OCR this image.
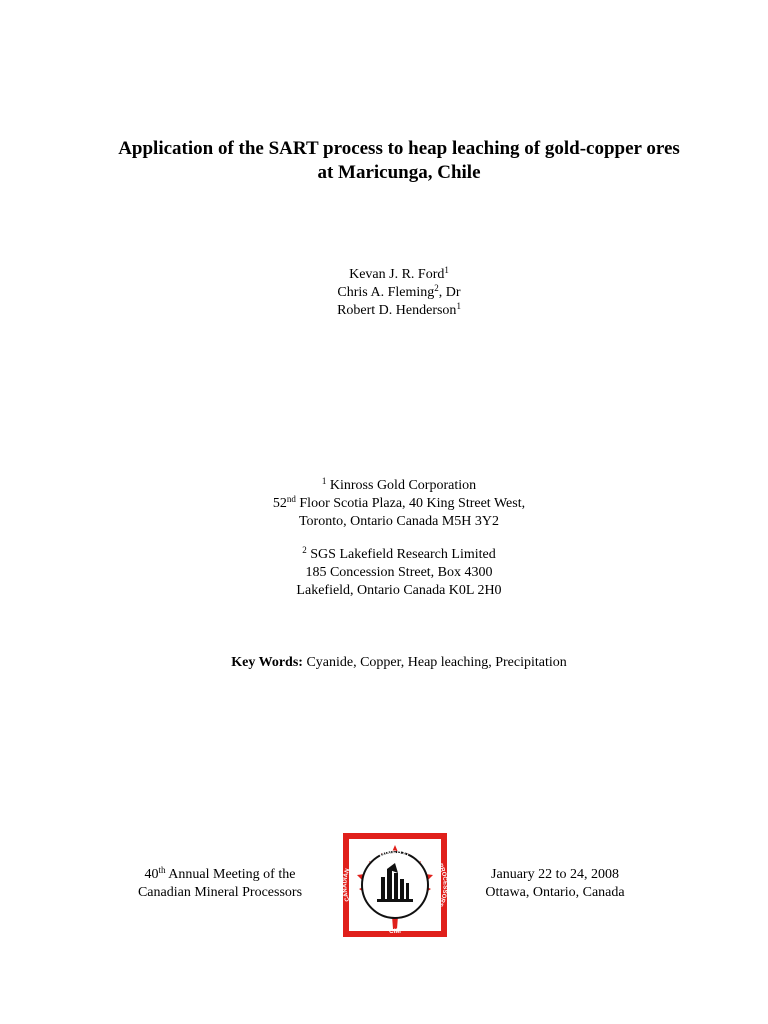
Application of the SART process to heap leaching of gold-copper ores
at Maricunga, Chile
Kevan J. R. Ford$^1$
Chris A. Fleming$^2$, Dr
Robert D. Henderson$^1$
$^1$ Kinross Gold Corporation
52nd Floor Scotia Plaza, 40 King Street West,
Toronto, Ontario Canada M5H 3Y2
$^2$ SGS Lakefield Research Limited
185 Concession Street, Box 4300
Lakefield, Ontario Canada K0L 2H0
Key Words: Cyanide, Copper, Heap leaching, Precipitation
40th Annual Meeting of the
Canadian Mineral Processors
MINERAL
CAN DIAN
PROC SORS
CIM
January 22 to 24, 2008
Ottawa, Ontario, Canada
